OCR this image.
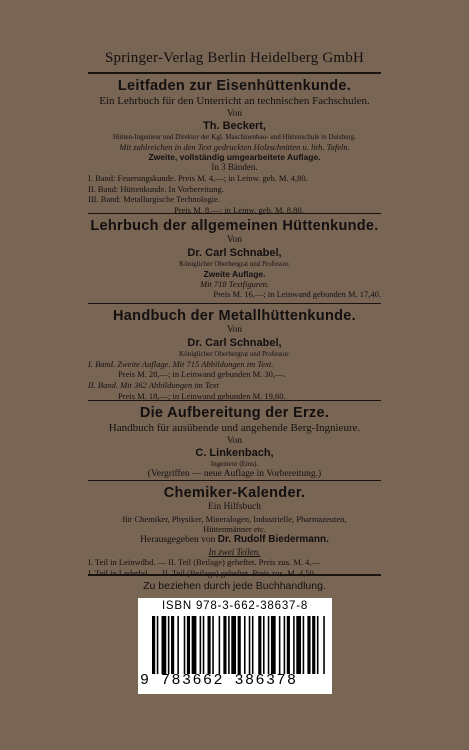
Springer-Verlag Berlin Heidelberg GmbH
Leitfaden zur Eisenhüttenkunde.
Ein Lehrbuch für den Unterricht an technischen Fachschulen.
Von
Th. Beckert,
Hütten-Ingenieur und Direktor der Kgl. Maschinenbau- und Hüttenschule in Duisburg.
Mit zahlreichen in den Text gedruckten Holzschnitten u. lith. Tafeln.
Zweite, vollständig umgearbeitete Auflage.
In 3 Bänden.
I. Band: Feuerungskunde. Preis M. 4,—; in Leinw. geb. M. 4,80.
II. Band: Hüttenkunde. In Vorbereitung.
III. Band: Metallurgische Technologie.
Preis M. 8,—; in Leinw. geb. M. 8,80.
Lehrbuch der allgemeinen Hüttenkunde.
Von
Dr. Carl Schnabel,
Königlicher Oberbergrat und Professor.
Zweite Auflage.
Mit 718 Textfiguren.
Preis M. 16,—; in Leinwand gebunden M. 17,40.
Handbuch der Metallhüttenkunde.
Von
Dr. Carl Schnabel,
Königlicher Oberbergrat und Professor.
I. Band. Zweite Auflage. Mit 715 Abbildungen im Text.
Preis M. 28,—; in Leinwand gebunden M. 30,—.
II. Band. Mit 362 Abbildungen im Text
Preis M. 18,—; in Leinwand gebunden M. 19,60.
Die Aufbereitung der Erze.
Handbuch für ausübende und angehende Berg-Ingnieure.
Von
C. Linkenbach,
Ingenieur (Ems).
(Vergriffen — neue Auflage in Vorbereitung.)
Chemiker-Kalender.
Ein Hilfsbuch
für Chemiker, Physiker, Mineralogen, Industrielle, Pharmazeuten, Hüttenmänner etc.
Herausgegeben von Dr. Rudolf Biedermann.
In zwei Teilen.
I. Teil in Leinwdbd. — II. Teil (Beilage) geheftet. Preis zus. M. 4,—
I. Teil in Lederbd. — II. Teil (Beilage) geheftet. Preis zus. M. 4,50.
Zu beziehen durch jede Buchhandlung.
ISBN 978-3-662-38637-8
9 783662 386378
